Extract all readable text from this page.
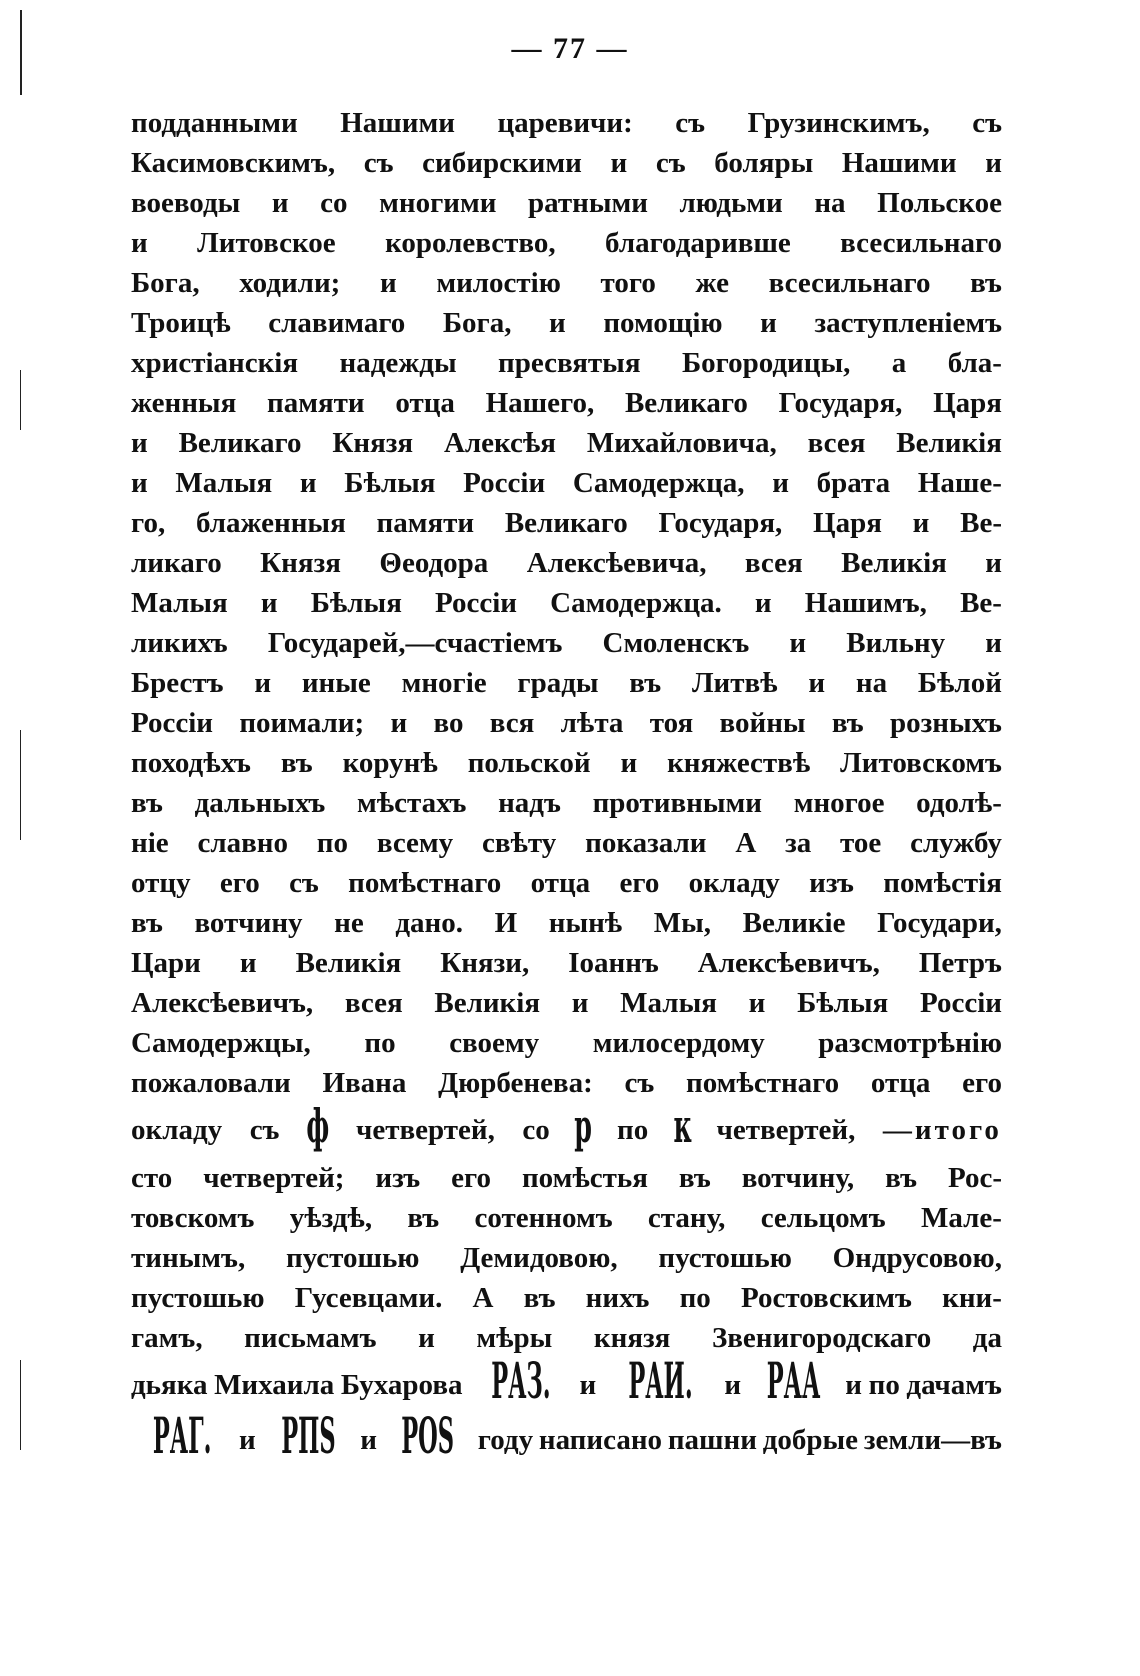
— 77 —
подданными Нашими царевичи: съ Грузинскимъ, съ
Касимовскимъ, съ сибирскими и съ боляры Нашими и
воеводы и со многими ратными людьми на Польское
и Литовское королевство, благодарившe всесильнаго
Бога, ходили; и милостію того же всесильнаго въ
Троицѣ славимаго Бога, и помощію и заступленіемъ
христіанскія надежды пресвятыя Богородицы, а бла-
женныя памяти отца Нашего, Великаго Государя, Царя
и Великаго Князя Алексѣя Михайловича, всея Великія
и Малыя и Бѣлыя Россіи Самодержца, и брата Наше-
го, блаженныя памяти Великаго Государя, Царя и Ве-
ликаго Князя Θеодора Алексѣевича, всея Великія и
Малыя и Бѣлыя Россіи Самодержца. и Нашимъ, Ве-
ликихъ Государей,—счастіемъ Смоленскъ и Вильну и
Брестъ и иные многіе грады въ Литвѣ и на Бѣлой
Россіи поимали; и во вся лѣта тоя войны въ розныхъ
походѣхъ въ корунѣ польской и княжествѣ Литовскомъ
въ дальныхъ мѣстахъ надъ противными многое одолѣ-
ніе славно по всему свѣту показали А за тое службу
отцу его съ помѣстнаго отца его окладу изъ помѣстія
въ вотчину не дано. И нынѣ Мы, Великіе Государи,
Цари и Великія Князи, Іоаннъ Алексѣевичъ, Петръ
Алексѣевичъ, всея Великія и Малыя и Бѣлыя Россіи
Самодержцы, по своему милосердому разсмотрѣнію
пожаловали Ивана Дюрбенева: съ помѣстнаго отца его
окладу съ ф четвертей, со р по к четвертей, —итого
сто четвертей; изъ его помѣстья въ вотчину, въ Рос-
товскомъ уѣздѣ, въ сотенномъ стану, сельцомъ Мале-
тинымъ, пустошью Демидовою, пустошью Ондрусовою,
пустошью Гусевцами. А въ нихъ по Ростовскимъ кни-
гамъ, письмамъ и мѣры князя Звенигородскаго да
дьяка Михаила Бухарова РАЗ. и РАИ. и РАА и по дачамъ
РАГ. и РПS и РОS году написано пашни добрые земли—въ
